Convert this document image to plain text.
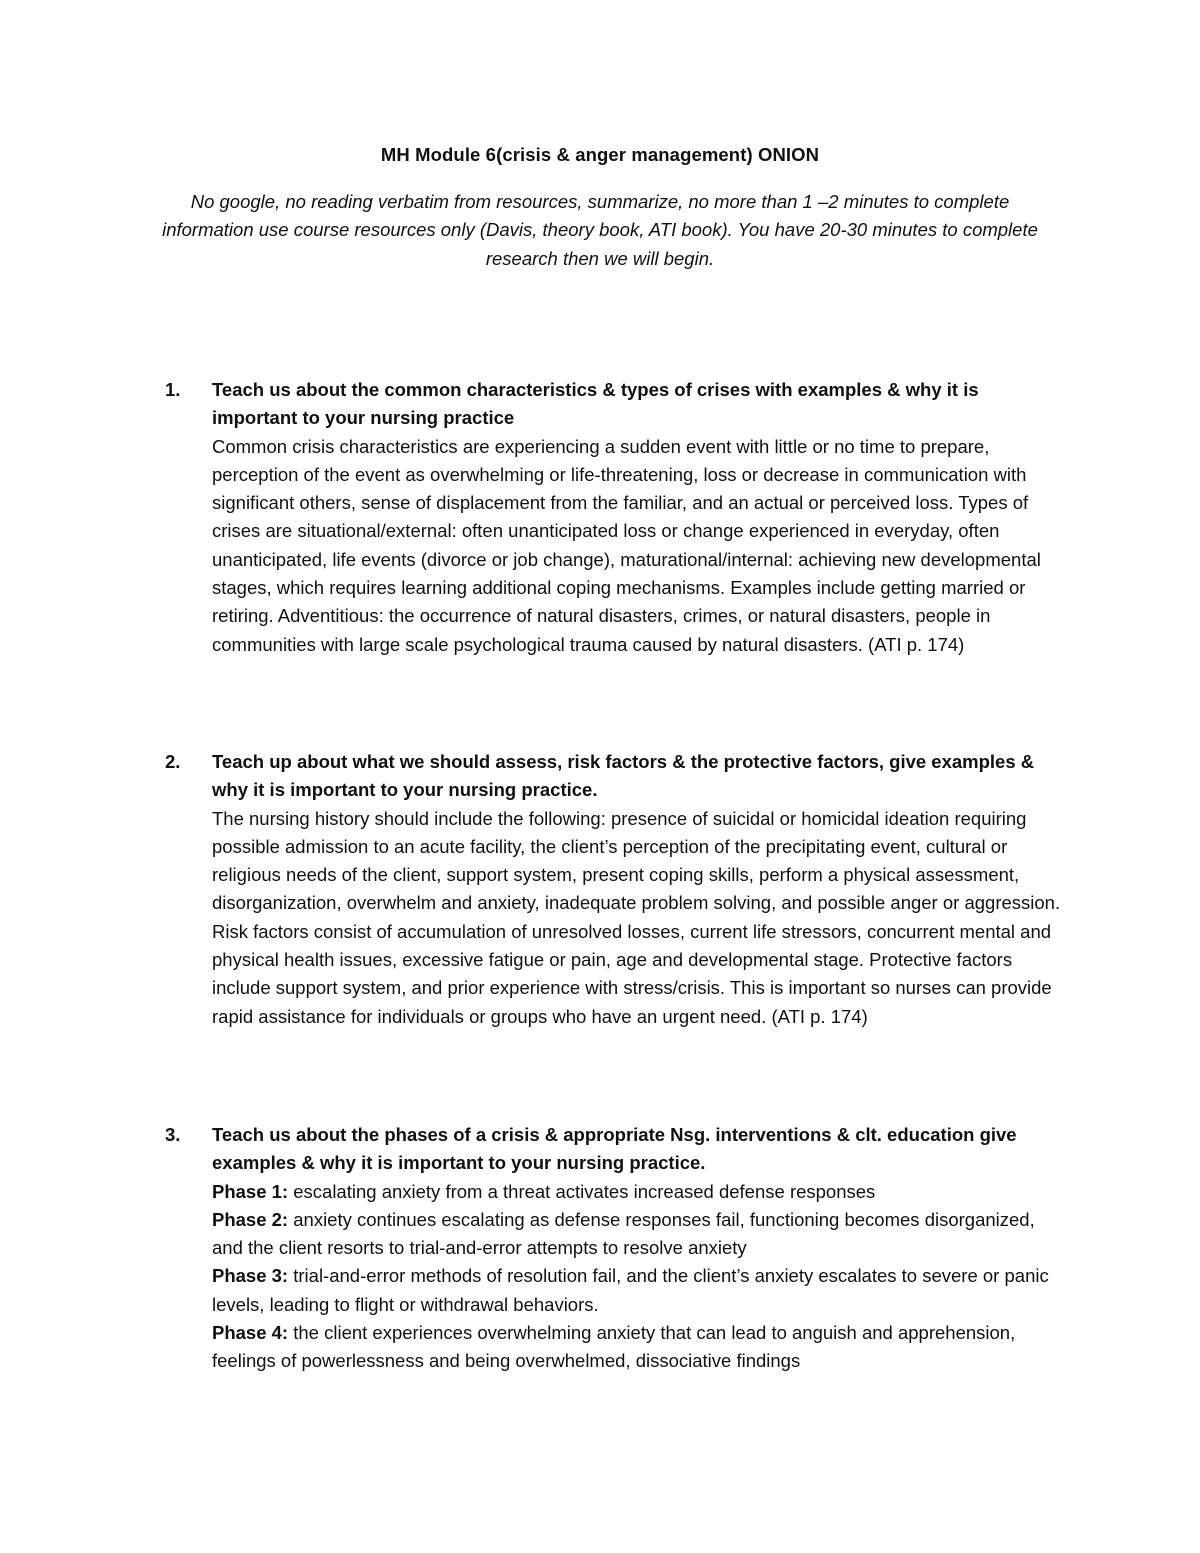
MH Module 6(crisis & anger management) ONION
No google, no reading verbatim from resources, summarize, no more than 1 –2 minutes to complete information use course resources only (Davis, theory book, ATI book). You have 20-30 minutes to complete research then we will begin.
1. Teach us about the common characteristics & types of crises with examples & why it is important to your nursing practice
Common crisis characteristics are experiencing a sudden event with little or no time to prepare, perception of the event as overwhelming or life-threatening, loss or decrease in communication with significant others, sense of displacement from the familiar, and an actual or perceived loss. Types of crises are situational/external: often unanticipated loss or change experienced in everyday, often unanticipated, life events (divorce or job change), maturational/internal: achieving new developmental stages, which requires learning additional coping mechanisms. Examples include getting married or retiring. Adventitious: the occurrence of natural disasters, crimes, or natural disasters, people in communities with large scale psychological trauma caused by natural disasters. (ATI p. 174)
2. Teach up about what we should assess, risk factors & the protective factors, give examples & why it is important to your nursing practice.
The nursing history should include the following: presence of suicidal or homicidal ideation requiring possible admission to an acute facility, the client’s perception of the precipitating event, cultural or religious needs of the client, support system, present coping skills, perform a physical assessment, disorganization, overwhelm and anxiety, inadequate problem solving, and possible anger or aggression. Risk factors consist of accumulation of unresolved losses, current life stressors, concurrent mental and physical health issues, excessive fatigue or pain, age and developmental stage. Protective factors include support system, and prior experience with stress/crisis. This is important so nurses can provide rapid assistance for individuals or groups who have an urgent need. (ATI p. 174)
3. Teach us about the phases of a crisis & appropriate Nsg. interventions & clt. education give examples & why it is important to your nursing practice.
Phase 1: escalating anxiety from a threat activates increased defense responses
Phase 2: anxiety continues escalating as defense responses fail, functioning becomes disorganized, and the client resorts to trial-and-error attempts to resolve anxiety
Phase 3: trial-and-error methods of resolution fail, and the client’s anxiety escalates to severe or panic levels, leading to flight or withdrawal behaviors.
Phase 4: the client experiences overwhelming anxiety that can lead to anguish and apprehension, feelings of powerlessness and being overwhelmed, dissociative findings
